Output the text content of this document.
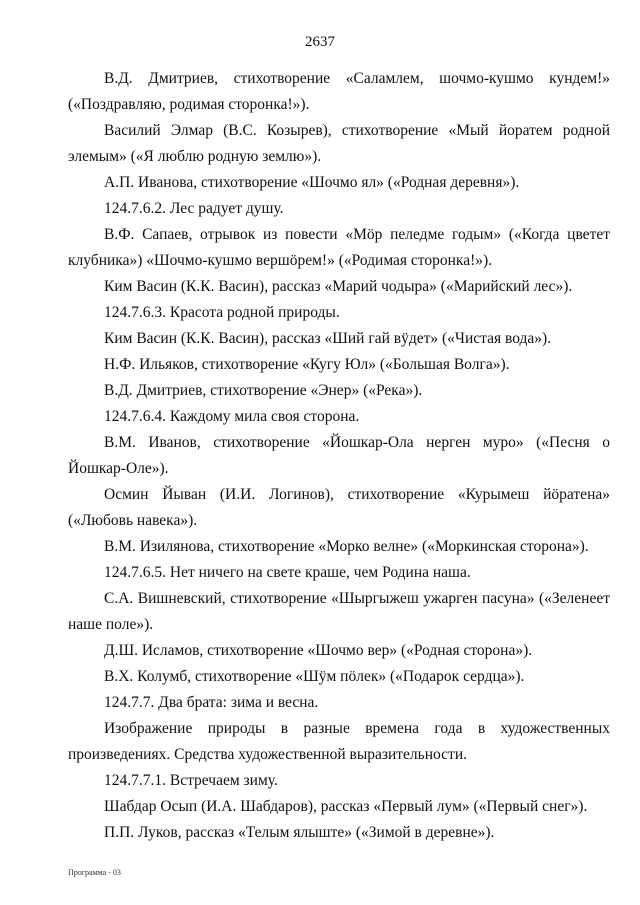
2637

В.Д. Дмитриев, стихотворение «Саламлем, шочмо-кушмо кундем!» («Поздравляю, родимая сторонка!»).

Василий Элмар (В.С. Козырев), стихотворение «Мый йоратем родной элемым» («Я люблю родную землю»).

А.П. Иванова, стихотворение «Шочмо ял» («Родная деревня»).

124.7.6.2. Лес радует душу.

В.Ф. Сапаев, отрывок из повести «Мӧр пеледме годым» («Когда цветет клубника») «Шочмо-кушмо вершӧрем!» («Родимая сторонка!»).

Ким Васин (К.К. Васин), рассказ «Марий чодыра» («Марийский лес»).

124.7.6.3. Красота родной природы.

Ким Васин (К.К. Васин), рассказ «Ший гай вӱдет» («Чистая вода»).

Н.Ф. Ильяков, стихотворение «Кугу Юл» («Большая Волга»).

В.Д. Дмитриев, стихотворение «Энер» («Река»).

124.7.6.4. Каждому мила своя сторона.

В.М. Иванов, стихотворение «Йошкар-Ола нерген муро» («Песня о Йошкар-Оле»).

Осмин Йыван (И.И. Логинов), стихотворение «Курымеш йӧратена» («Любовь навека»).

В.М. Изилянова, стихотворение «Морко велне» («Моркинская сторона»).

124.7.6.5. Нет ничего на свете краше, чем Родина наша.

С.А. Вишневский, стихотворение «Шыргыжеш ужарген пасуна» («Зеленеет наше поле»).

Д.Ш. Исламов, стихотворение «Шочмо вер» («Родная сторона»).

В.Х. Колумб, стихотворение «Шӱм пӧлек» («Подарок сердца»).

124.7.7. Два брата: зима и весна.

Изображение природы в разные времена года в художественных произведениях. Средства художественной выразительности.

124.7.7.1. Встречаем зиму.

Шабдар Осып (И.А. Шабдаров), рассказ «Первый лум» («Первый снег»).

П.П. Луков, рассказ «Телым ялыште» («Зимой в деревне»).

Программа - 03
